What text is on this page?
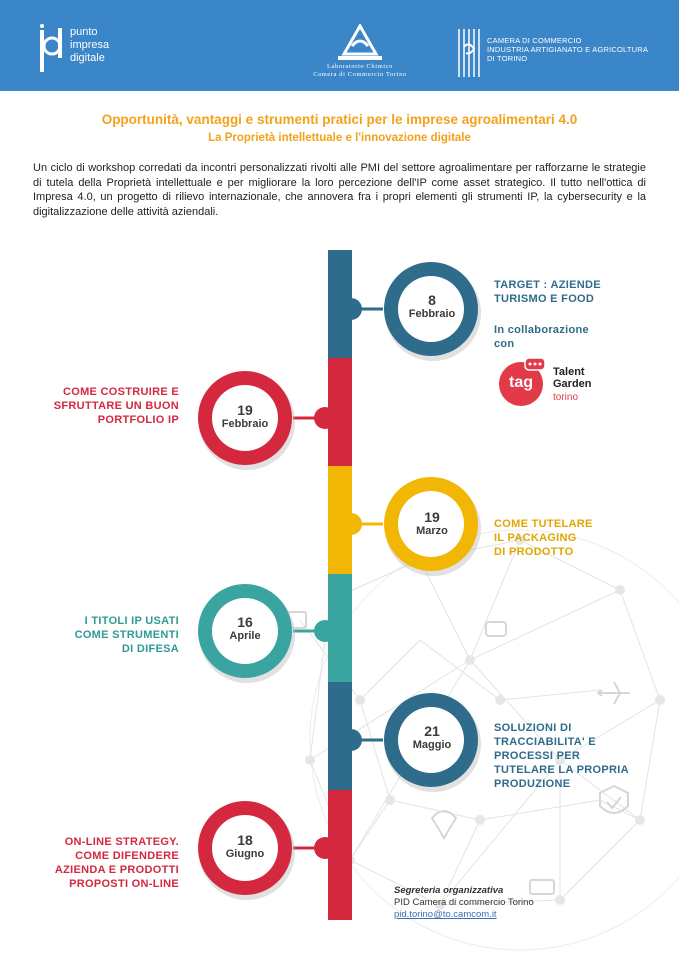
punto
impresa
digitale
Laboratorio Chimico
Camera di Commercio Torino
CAMERA DI COMMERCIO
INDUSTRIA ARTIGIANATO E AGRICOLTURA
DI TORINO
Opportunità, vantaggi e strumenti pratici per le imprese agroalimentari 4.0
La Proprietà intellettuale e l'innovazione digitale
Un ciclo di workshop corredati da incontri personalizzati rivolti alle PMI del settore agroalimentare per rafforzarne le strategie di tutela della Proprietà intellettuale e per migliorare la loro percezione dell'IP come asset strategico. Il tutto nell'ottica di Impresa 4.0, un progetto di rilievo internazionale, che annovera fra i propri elementi gli strumenti IP, la cybersecurity e la digitalizzazione delle attività aziendali.
8
Febbraio
19
Febbraio
19
Marzo
16
Aprile
21
Maggio
18
Giugno
TARGET : AZIENDE
TURISMO E FOOD
In collaborazione
con
COME COSTRUIRE E
SFRUTTARE UN BUON
PORTFOLIO IP
COME TUTELARE
IL PACKAGING
DI PRODOTTO
I TITOLI IP USATI
COME STRUMENTI
DI DIFESA
SOLUZIONI DI
TRACCIABILITA' E
PROCESSI PER
TUTELARE LA PROPRIA
PRODUZIONE
ON-LINE STRATEGY.
COME DIFENDERE
AZIENDA E PRODOTTI
PROPOSTI ON-LINE
tag
Talent
Garden
torino
Segreteria organizzativa
PID Camera di commercio Torino
pid.torino@to.camcom.it
